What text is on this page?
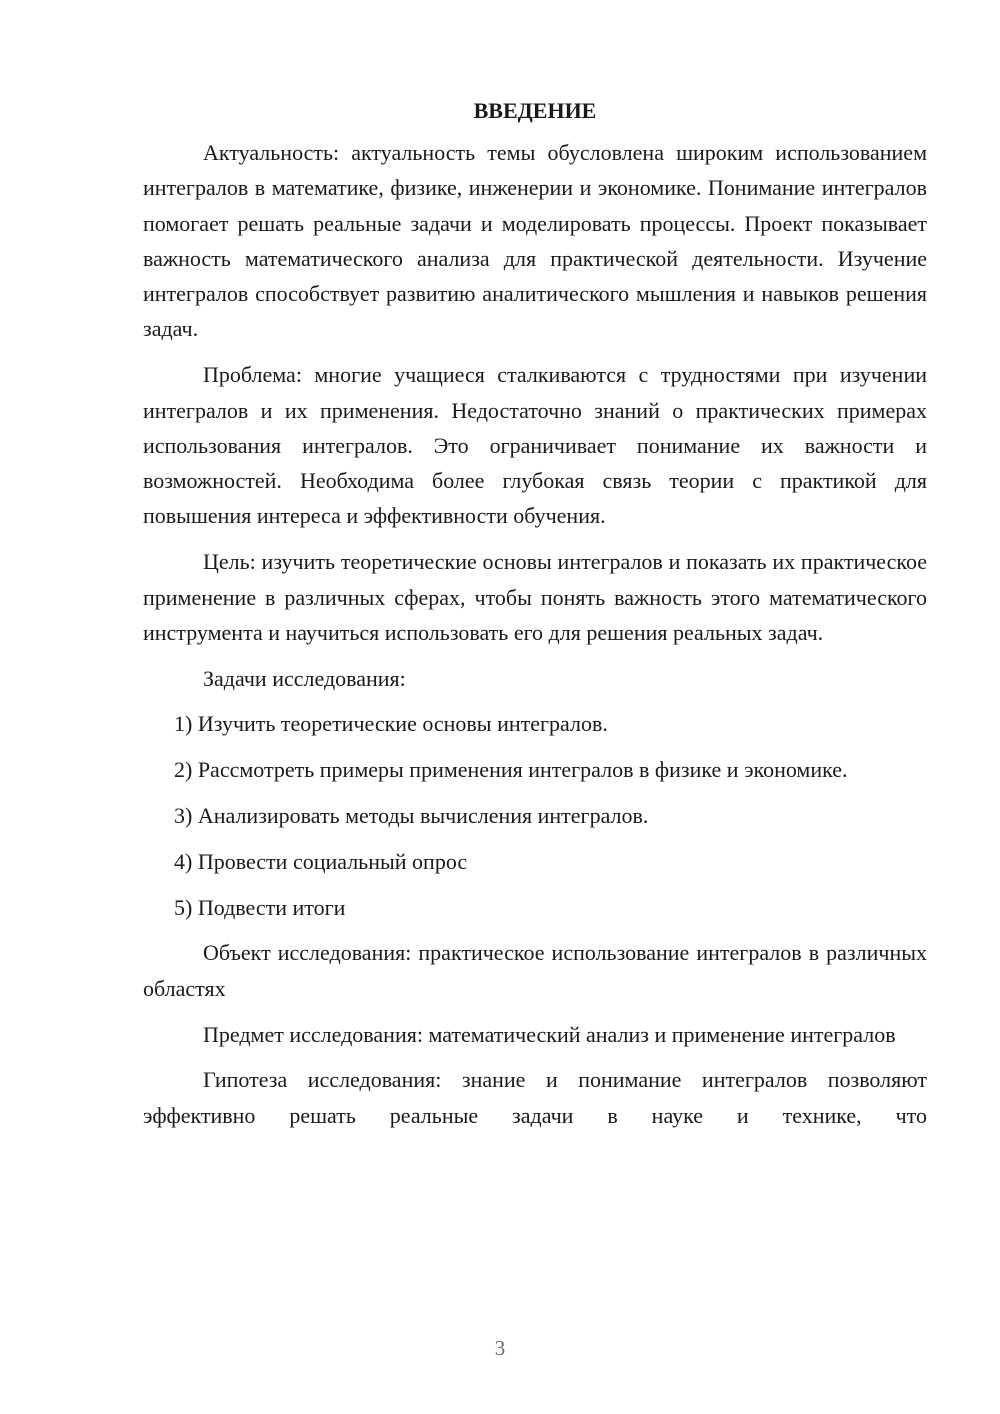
ВВЕДЕНИЕ

Актуальность: актуальность темы обусловлена широким использованием интегралов в математике, физике, инженерии и экономике. Понимание интегралов помогает решать реальные задачи и моделировать процессы. Проект показывает важность математического анализа для практической деятельности. Изучение интегралов способствует развитию аналитического мышления и навыков решения задач.

Проблема: многие учащиеся сталкиваются с трудностями при изучении интегралов и их применения. Недостаточно знаний о практических примерах использования интегралов. Это ограничивает понимание их важности и возможностей. Необходима более глубокая связь теории с практикой для повышения интереса и эффективности обучения.

Цель: изучить теоретические основы интегралов и показать их практическое применение в различных сферах, чтобы понять важность этого математического инструмента и научиться использовать его для решения реальных задач.

Задачи исследования:

1) Изучить теоретические основы интегралов.

2) Рассмотреть примеры применения интегралов в физике и экономике.

3) Анализировать методы вычисления интегралов.

4) Провести социальный опрос

5) Подвести итоги

Объект исследования: практическое использование интегралов в различных областях

Предмет исследования: математический анализ и применение интегралов

Гипотеза исследования: знание и понимание интегралов позволяют эффективно решать реальные задачи в науке и технике, что

3
